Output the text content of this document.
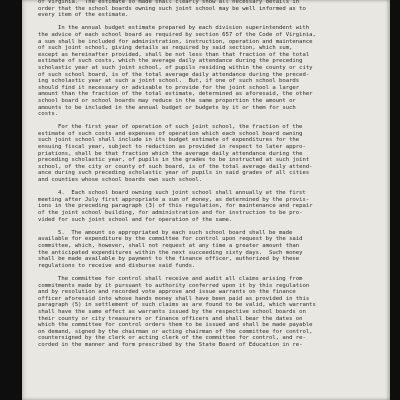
of Virginia.  The estimate so made shall clearly show all necessary details in
order that the school boards owning such joint school may be well informed as to
every item of the estimate.
In the annual budget estimate prepared by each division superintendent with
the advice of each school board as required by section 657 of the Code of Virginia,
a sum shall be included for administration, instruction, operation and maintenance
of such joint school, giving details as required by said section, which sum,
except as hereinafter provided, shall be not less than that fraction of the total
estimate of such costs, which the average daily attendance during the preceding
scholastic year at such joint school, of pupils residing within the county or city
of such school board, is of the total average daily attendance during the preced-
ing scholastic year at such a joint school.  But, if one of such school boards
should find it necessary or advisable to provide for the joint school a larger
amount than the fraction of the total estimate, determined as aforesaid, the other
school board or school boards may reduce in the same proportion the amount or
amounts to be included in the annual budget or budgets by it or them for such
costs.
For the first year of operation of such joint school, the fraction of the
estimate of such costs and expenses of operation which each school board owning
such joint school shall include in its budget estimate of expenditures for the
ensuing fiscal year, subject to reduction as provided in respect to later appro-
priations, shall be that fraction which the average daily attendance during the
preceding scholastic year, of pupils in the grades to be instructed at such joint
school, of the city or county of such board, is of the total average daily attend-
ance during such preceding scholastic year of pupils in said grades of all cities
and counties whose school boards own such school.
4.  Each school board owning such joint school shall annually at the first
meeting after July first appropriate a sum of money, as determined by the provis-
ions in the preceding paragraph (3) of this regulation, for maintenance and repair
of the joint school building, for administration and for instruction to be pro-
vided for such joint school and for operation of the same.
5.  The amount so appropriated by each such school board shall be made
available for expenditure by the committee for control upon request by the said
committee, which, however, shall not request at any time a greater amount than
the anticipated expenditures within the next succeeding sixty days.  Such money
shall be made available by payment to the finance officer, authorized by these
regulations to receive and disburse said funds.
The committee for control shall receive and audit all claims arising from
commitments made by it pursuant to authority conferred upon it by this regulation
and by resolution and recorded vote approve and issue warrants on the finance
officer aforesaid into whose hands money shall have been paid as provided in this
paragraph (5) in settlement of such claims as are found to be valid, which warrants
shall have the same effect as warrants issued by the respective school boards on
their county or city treasurers or finance officers and shall bear the dates on
which the committee for control orders them to be issued and shall be made payable
on demand, signed by the chairman or acting chairman of the committee for control,
countersigned by the clerk or acting clerk of the committee for control, and re-
corded in the manner and form prescribed by the State Board of Education in re-
